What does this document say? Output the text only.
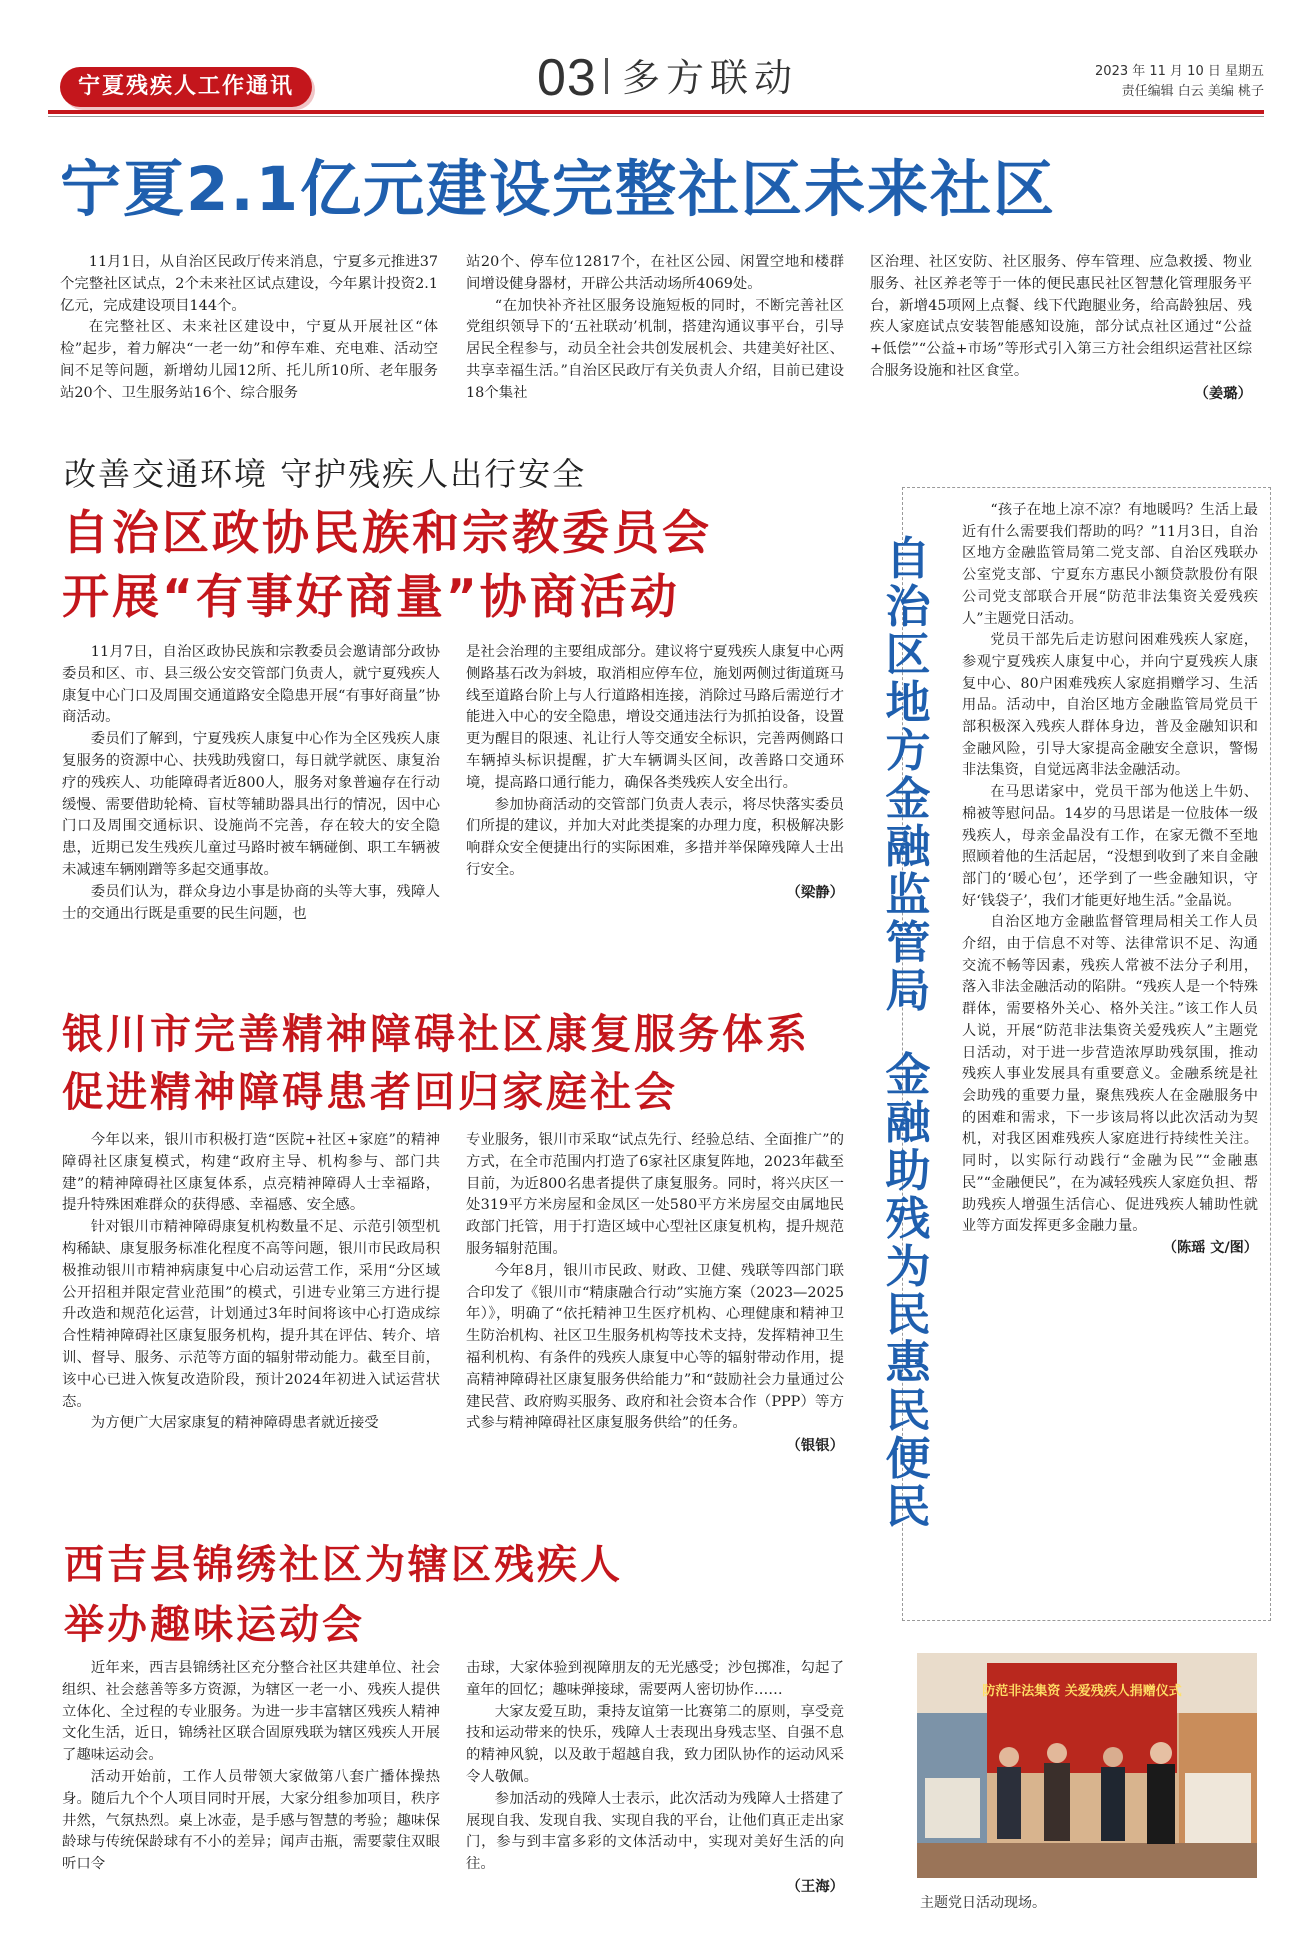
宁夏残疾人工作通讯	03 多方联动	2023 年 11 月 10 日 星期五
责任编辑 白云 美编 桃子
宁夏2.1亿元建设完整社区未来社区

11月1日，从自治区民政厅传来消息，宁夏多元推进37个完整社区试点，2个未来社区试点建设，今年累计投资2.1亿元，完成建设项目144个。

在完整社区、未来社区建设中，宁夏从开展社区“体检”起步，着力解决“一老一幼”和停车难、充电难、活动空间不足等问题，新增幼儿园12所、托儿所10所、老年服务站20个、卫生服务站16个、综合服务

站20个、停车位12817个，在社区公园、闲置空地和楼群间增设健身器材，开辟公共活动场所4069处。

“在加快补齐社区服务设施短板的同时，不断完善社区党组织领导下的‘五社联动’机制，搭建沟通议事平台，引导居民全程参与，动员全社会共创发展机会、共建美好社区、共享幸福生活。”自治区民政厅有关负责人介绍，目前已建设18个集社

区治理、社区安防、社区服务、停车管理、应急救援、物业服务、社区养老等于一体的便民惠民社区智慧化管理服务平台，新增45项网上点餐、线下代跑腿业务，给高龄独居、残疾人家庭试点安装智能感知设施，部分试点社区通过“公益+低偿”“公益+市场”等形式引入第三方社会组织运营社区综合服务设施和社区食堂。

（姜璐）
改善交通环境 守护残疾人出行安全
自治区政协民族和宗教委员会
开展“有事好商量”协商活动

11月7日，自治区政协民族和宗教委员会邀请部分政协委员和区、市、县三级公安交管部门负责人，就宁夏残疾人康复中心门口及周围交通道路安全隐患开展“有事好商量”协商活动。

委员们了解到，宁夏残疾人康复中心作为全区残疾人康复服务的资源中心、扶残助残窗口，每日就学就医、康复治疗的残疾人、功能障碍者近800人，服务对象普遍存在行动缓慢、需要借助轮椅、盲杖等辅助器具出行的情况，因中心门口及周围交通标识、设施尚不完善，存在较大的安全隐患，近期已发生残疾儿童过马路时被车辆碰倒、职工车辆被未减速车辆刚蹭等多起交通事故。

委员们认为，群众身边小事是协商的头等大事，残障人士的交通出行既是重要的民生问题，也

是社会治理的主要组成部分。建议将宁夏残疾人康复中心两侧路基石改为斜坡，取消相应停车位，施划两侧过街道斑马线至道路台阶上与人行道路相连接，消除过马路后需逆行才能进入中心的安全隐患，增设交通违法行为抓拍设备，设置更为醒目的限速、礼让行人等交通安全标识，完善两侧路口车辆掉头标识提醒，扩大车辆调头区间，改善路口交通环境，提高路口通行能力，确保各类残疾人安全出行。

参加协商活动的交管部门负责人表示，将尽快落实委员们所提的建议，并加大对此类提案的办理力度，积极解决影响群众安全便捷出行的实际困难，多措并举保障残障人士出行安全。

（梁静）
银川市完善精神障碍社区康复服务体系
促进精神障碍患者回归家庭社会

今年以来，银川市积极打造“医院+社区+家庭”的精神障碍社区康复模式，构建“政府主导、机构参与、部门共建”的精神障碍社区康复体系，点亮精神障碍人士幸福路，提升特殊困难群众的获得感、幸福感、安全感。

针对银川市精神障碍康复机构数量不足、示范引领型机构稀缺、康复服务标准化程度不高等问题，银川市民政局积极推动银川市精神病康复中心启动运营工作，采用“分区域公开招租并限定营业范围”的模式，引进专业第三方进行提升改造和规范化运营，计划通过3年时间将该中心打造成综合性精神障碍社区康复服务机构，提升其在评估、转介、培训、督导、服务、示范等方面的辐射带动能力。截至目前，该中心已进入恢复改造阶段，预计2024年初进入试运营状态。

为方便广大居家康复的精神障碍患者就近接受

专业服务，银川市采取“试点先行、经验总结、全面推广”的方式，在全市范围内打造了6家社区康复阵地，2023年截至目前，为近800名患者提供了康复服务。同时，将兴庆区一处319平方米房屋和金凤区一处580平方米房屋交由属地民政部门托管，用于打造区域中心型社区康复机构，提升规范服务辐射范围。

今年8月，银川市民政、财政、卫健、残联等四部门联合印发了《银川市“精康融合行动”实施方案（2023—2025年）》，明确了“依托精神卫生医疗机构、心理健康和精神卫生防治机构、社区卫生服务机构等技术支持，发挥精神卫生福利机构、有条件的残疾人康复中心等的辐射带动作用，提高精神障碍社区康复服务供给能力”和“鼓励社会力量通过公建民营、政府购买服务、政府和社会资本合作（PPP）等方式参与精神障碍社区康复服务供给”的任务。

（银银）
西吉县锦绣社区为辖区残疾人
举办趣味运动会

近年来，西吉县锦绣社区充分整合社区共建单位、社会组织、社会慈善等多方资源，为辖区一老一小、残疾人提供立体化、全过程的专业服务。为进一步丰富辖区残疾人精神文化生活，近日，锦绣社区联合固原残联为辖区残疾人开展了趣味运动会。

活动开始前，工作人员带领大家做第八套广播体操热身。随后九个个人项目同时开展，大家分组参加项目，秩序井然，气氛热烈。桌上冰壶，是手感与智慧的考验；趣味保龄球与传统保龄球有不小的差异；闻声击瓶，需要蒙住双眼听口令

击球，大家体验到视障朋友的无光感受；沙包掷准，勾起了童年的回忆；趣味弹接球，需要两人密切协作……

大家友爱互助，秉持友谊第一比赛第二的原则，享受竞技和运动带来的快乐，残障人士表现出身残志坚、自强不息的精神风貌，以及敢于超越自我，致力团队协作的运动风采令人敬佩。

参加活动的残障人士表示，此次活动为残障人士搭建了展现自我、发现自我、实现自我的平台，让他们真正走出家门，参与到丰富多彩的文体活动中，实现对美好生活的向往。

（王海）
自治区地方金融监管局
金融助残为民惠民便民

“孩子在地上凉不凉？有地暖吗？生活上最近有什么需要我们帮助的吗？”11月3日，自治区地方金融监管局第二党支部、自治区残联办公室党支部、宁夏东方惠民小额贷款股份有限公司党支部联合开展“防范非法集资关爱残疾人”主题党日活动。

党员干部先后走访慰问困难残疾人家庭，参观宁夏残疾人康复中心，并向宁夏残疾人康复中心、80户困难残疾人家庭捐赠学习、生活用品。活动中，自治区地方金融监管局党员干部积极深入残疾人群体身边，普及金融知识和金融风险，引导大家提高金融安全意识，警惕非法集资，自觉远离非法金融活动。

在马思诺家中，党员干部为他送上牛奶、棉被等慰问品。14岁的马思诺是一位肢体一级残疾人，母亲金晶没有工作，在家无微不至地照顾着他的生活起居，“没想到收到了来自金融部门的‘暖心包’，还学到了一些金融知识，守好‘钱袋子’，我们才能更好地生活。”金晶说。

自治区地方金融监督管理局相关工作人员介绍，由于信息不对等、法律常识不足、沟通交流不畅等因素，残疾人常被不法分子利用，落入非法金融活动的陷阱。“残疾人是一个特殊群体，需要格外关心、格外关注。”该工作人员人说，开展“防范非法集资关爱残疾人”主题党日活动，对于进一步营造浓厚助残氛围，推动残疾人事业发展具有重要意义。金融系统是社会助残的重要力量，聚焦残疾人在金融服务中的困难和需求，下一步该局将以此次活动为契机，对我区困难残疾人家庭进行持续性关注。同时，以实际行动践行“金融为民”“金融惠民”“金融便民”，在为减轻残疾人家庭负担、帮助残疾人增强生活信心、促进残疾人辅助性就业等方面发挥更多金融力量。

（陈瑶 文/图）
防范非法集资 关爱残疾人捐赠仪式
主题党日活动现场。
